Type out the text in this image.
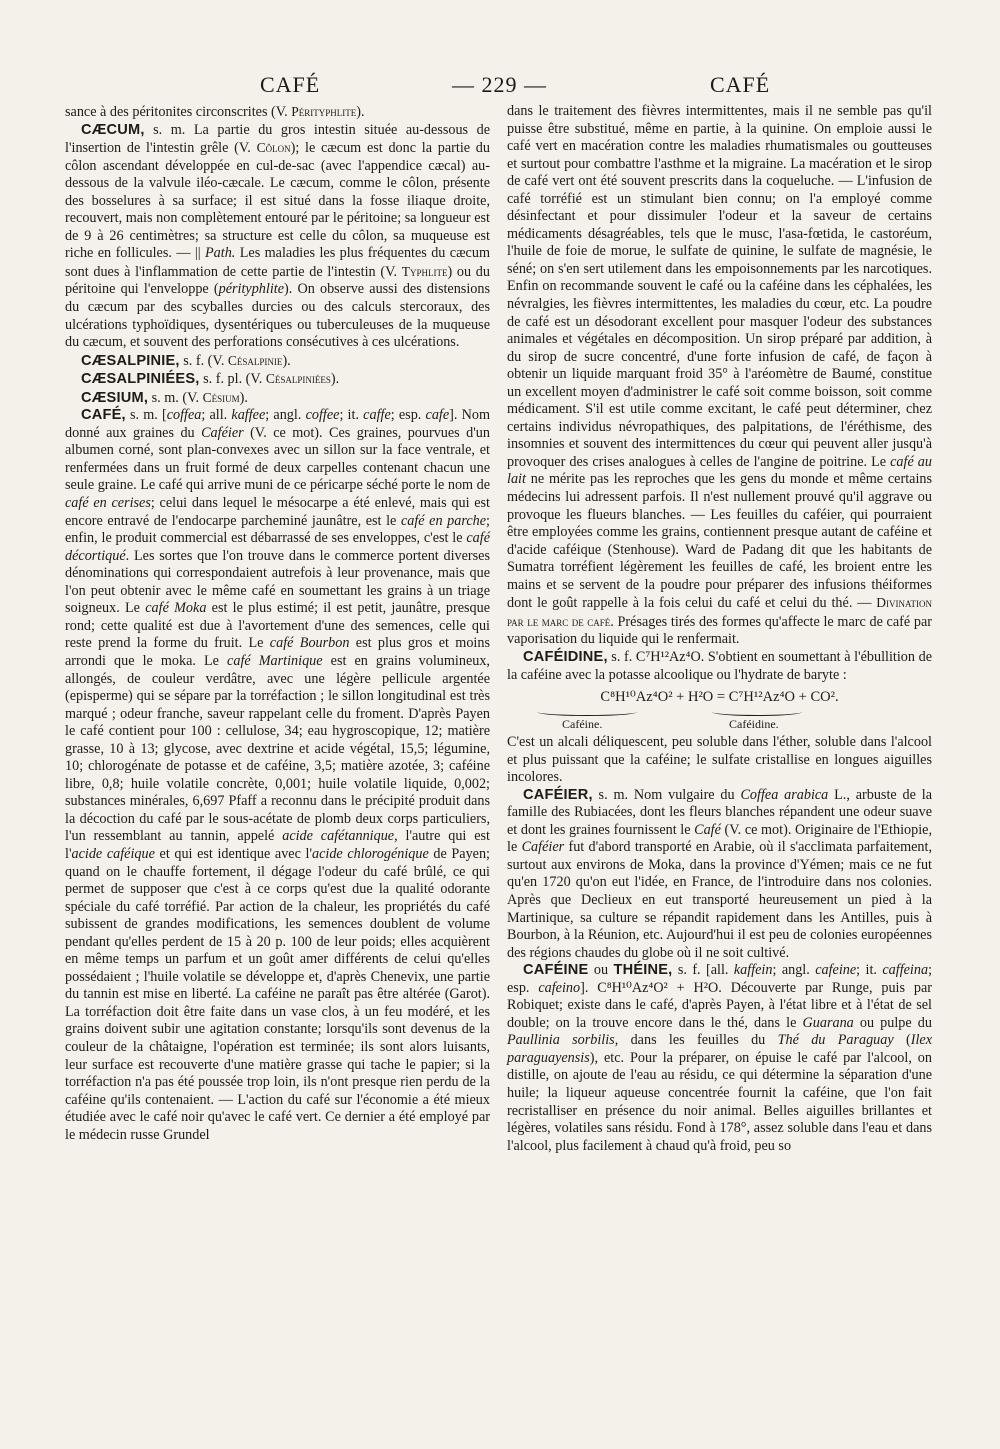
CAFÉ	— 229 —	CAFÉ

sance à des péritonites circonscrites (V. Pérityphlite).

CÆCUM, s. m. La partie du gros intestin située au-dessous de l'insertion de l'intestin grêle (V. Côlon); le cæcum est donc la partie du côlon ascendant développée en cul-de-sac (avec l'appendice cæcal) au-dessous de la valvule iléo-cæcale. Le cæcum, comme le côlon, présente des bosselures à sa surface; il est situé dans la fosse iliaque droite, recouvert, mais non complètement entouré par le péritoine; sa longueur est de 9 à 26 centimètres; sa structure est celle du côlon, sa muqueuse est riche en follicules. — || Path. Les maladies les plus fréquentes du cæcum sont dues à l'inflammation de cette partie de l'intestin (V. Typhlite) ou du péritoine qui l'enveloppe (pérityphlite). On observe aussi des distensions du cæcum par des scyballes durcies ou des calculs stercoraux, des ulcérations typhoïdiques, dysentériques ou tuberculeuses de la muqueuse du cæcum, et souvent des perforations consécutives à ces ulcérations.

CÆSALPINIE, s. f. (V. Césalpinie).

CÆSALPINIÉES, s. f. pl. (V. Césalpiniées).

CÆSIUM, s. m. (V. Césium).

CAFÉ, s. m. [coffea; all. kaffee; angl. coffee; it. caffe; esp. cafe]. Nom donné aux graines du Caféier (V. ce mot). Ces graines, pourvues d'un albumen corné, sont plan-convexes avec un sillon sur la face ventrale, et renfermées dans un fruit formé de deux carpelles contenant chacun une seule graine. Le café qui arrive muni de ce péricarpe séché porte le nom de café en cerises; celui dans lequel le mésocarpe a été enlevé, mais qui est encore entravé de l'endocarpe parcheminé jaunâtre, est le café en parche; enfin, le produit commercial est débarrassé de ses enveloppes, c'est le café décortiqué. Les sortes que l'on trouve dans le commerce portent diverses dénominations qui correspondaient autrefois à leur provenance, mais que l'on peut obtenir avec le même café en soumettant les grains à un triage soigneux. Le café Moka est le plus estimé; il est petit, jaunâtre, presque rond; cette qualité est due à l'avortement d'une des semences, celle qui reste prend la forme du fruit. Le café Bourbon est plus gros et moins arrondi que le moka. Le café Martinique est en grains volumineux, allongés, de couleur verdâtre, avec une légère pellicule argentée (episperme) qui se sépare par la torréfaction ; le sillon longitudinal est très marqué ; odeur franche, saveur rappelant celle du froment. D'après Payen le café contient pour 100 : cellulose, 34; eau hygroscopique, 12; matière grasse, 10 à 13; glycose, avec dextrine et acide végétal, 15,5; légumine, 10; chlorogénate de potasse et de caféine, 3,5; matière azotée, 3; caféine libre, 0,8; huile volatile concrète, 0,001; huile volatile liquide, 0,002; substances minérales, 6,697 Pfaff a reconnu dans le précipité produit dans la décoction du café par le sous-acétate de plomb deux corps particuliers, l'un ressemblant au tannin, appelé acide cafétannique, l'autre qui est l'acide caféique et qui est identique avec l'acide chlorogénique de Payen; quand on le chauffe fortement, il dégage l'odeur du café brûlé, ce qui permet de supposer que c'est à ce corps qu'est due la qualité odorante spéciale du café torréfié. Par action de la chaleur, les propriétés du café subissent de grandes modifications, les semences doublent de volume pendant qu'elles perdent de 15 à 20 p. 100 de leur poids; elles acquièrent en même temps un parfum et un goût amer différents de celui qu'elles possédaient ; l'huile volatile se développe et, d'après Chenevix, une partie du tannin est mise en liberté. La caféine ne paraît pas être altérée (Garot). La torréfaction doit être faite dans un vase clos, à un feu modéré, et les grains doivent subir une agitation constante; lorsqu'ils sont devenus de la couleur de la châtaigne, l'opération est terminée; ils sont alors luisants, leur surface est recouverte d'une matière grasse qui tache le papier; si la torréfaction n'a pas été poussée trop loin, ils n'ont presque rien perdu de la caféine qu'ils contenaient. — L'action du café sur l'économie a été mieux étudiée avec le café noir qu'avec le café vert. Ce dernier a été employé par le médecin russe Grundel

dans le traitement des fièvres intermittentes, mais il ne semble pas qu'il puisse être substitué, même en partie, à la quinine. On emploie aussi le café vert en macération contre les maladies rhumatismales ou goutteuses et surtout pour combattre l'asthme et la migraine. La macération et le sirop de café vert ont été souvent prescrits dans la coqueluche. — L'infusion de café torréfié est un stimulant bien connu; on l'a employé comme désinfectant et pour dissimuler l'odeur et la saveur de certains médicaments désagréables, tels que le musc, l'asa-fœtida, le castoréum, l'huile de foie de morue, le sulfate de quinine, le sulfate de magnésie, le séné; on s'en sert utilement dans les empoisonnements par les narcotiques. Enfin on recommande souvent le café ou la caféine dans les céphalées, les névralgies, les fièvres intermittentes, les maladies du cœur, etc. La poudre de café est un désodorant excellent pour masquer l'odeur des substances animales et végétales en décomposition. Un sirop préparé par addition, à du sirop de sucre concentré, d'une forte infusion de café, de façon à obtenir un liquide marquant froid 35° à l'aréomètre de Baumé, constitue un excellent moyen d'administrer le café soit comme boisson, soit comme médicament. S'il est utile comme excitant, le café peut déterminer, chez certains individus névropathiques, des palpitations, de l'éréthisme, des insomnies et souvent des intermittences du cœur qui peuvent aller jusqu'à provoquer des crises analogues à celles de l'angine de poitrine. Le café au lait ne mérite pas les reproches que les gens du monde et même certains médecins lui adressent parfois. Il n'est nullement prouvé qu'il aggrave ou provoque les flueurs blanches. — Les feuilles du caféier, qui pourraient être employées comme les grains, contiennent presque autant de caféine et d'acide caféique (Stenhouse). Ward de Padang dit que les habitants de Sumatra torréfient légèrement les feuilles de café, les broient entre les mains et se servent de la poudre pour préparer des infusions théiformes dont le goût rappelle à la fois celui du café et celui du thé. — Divination par le marc de café. Présages tirés des formes qu'affecte le marc de café par vaporisation du liquide qui le renfermait.

CAFÉIDINE, s. f. C⁷H¹²Az⁴O. S'obtient en soumettant à l'ébullition de la caféine avec la potasse alcoolique ou l'hydrate de baryte :

C⁸H¹⁰Az⁴O² + H²O = C⁷H¹²Az⁴O + CO².
Caféine.	Caféidine.

C'est un alcali déliquescent, peu soluble dans l'éther, soluble dans l'alcool et plus puissant que la caféine; le sulfate cristallise en longues aiguilles incolores.

CAFÉIER, s. m. Nom vulgaire du Coffea arabica L., arbuste de la famille des Rubiacées, dont les fleurs blanches répandent une odeur suave et dont les graines fournissent le Café (V. ce mot). Originaire de l'Ethiopie, le Caféier fut d'abord transporté en Arabie, où il s'acclimata parfaitement, surtout aux environs de Moka, dans la province d'Yémen; mais ce ne fut qu'en 1720 qu'on eut l'idée, en France, de l'introduire dans nos colonies. Après que Declieux en eut transporté heureusement un pied à la Martinique, sa culture se répandit rapidement dans les Antilles, puis à Bourbon, à la Réunion, etc. Aujourd'hui il est peu de colonies européennes des régions chaudes du globe où il ne soit cultivé.

CAFÉINE ou THÉINE, s. f. [all. kaffein; angl. cafeine; it. caffeina; esp. cafeino]. C⁸H¹⁰Az⁴O² + H²O. Découverte par Runge, puis par Robiquet; existe dans le café, d'après Payen, à l'état libre et à l'état de sel double; on la trouve encore dans le thé, dans le Guarana ou pulpe du Paullinia sorbilis, dans les feuilles du Thé du Paraguay (Ilex paraguayensis), etc. Pour la préparer, on épuise le café par l'alcool, on distille, on ajoute de l'eau au résidu, ce qui détermine la séparation d'une huile; la liqueur aqueuse concentrée fournit la caféine, que l'on fait recristalliser en présence du noir animal. Belles aiguilles brillantes et légères, volatiles sans résidu. Fond à 178°, assez soluble dans l'eau et dans l'alcool, plus facilement à chaud qu'à froid, peu so
